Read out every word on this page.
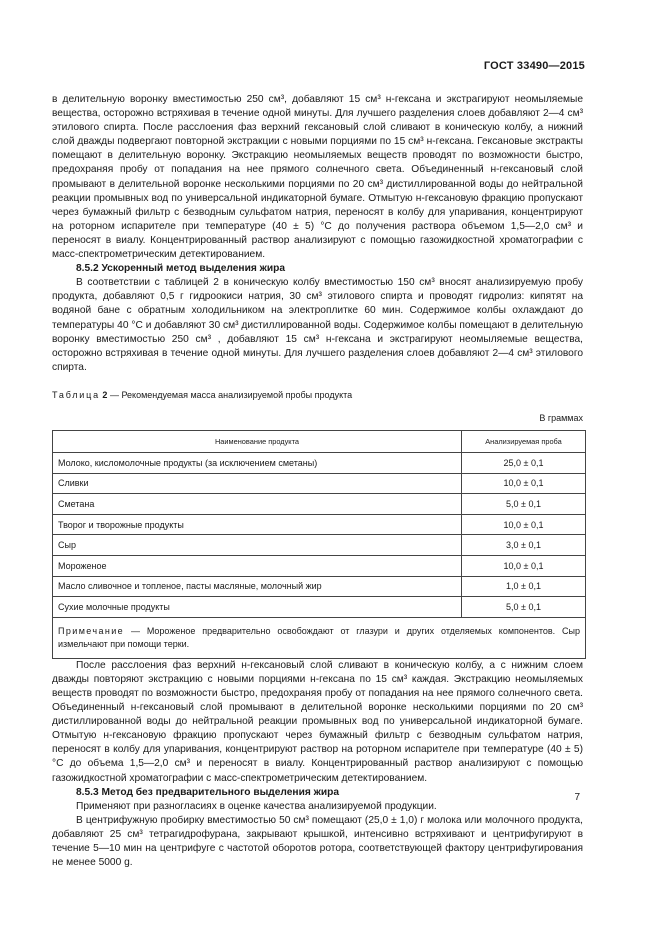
ГОСТ 33490—2015

в делительную воронку вместимостью 250 см³, добавляют 15 см³ н-гексана и экстрагируют неомыляемые вещества, осторожно встряхивая в течение одной минуты. Для лучшего разделения слоев добавляют 2—4 см³ этилового спирта. После расслоения фаз верхний гексановый слой сливают в коническую колбу, а нижний слой дважды подвергают повторной экстракции с новыми порциями по 15 см³ н-гексана. Гексановые экстракты помещают в делительную воронку. Экстракцию неомыляемых веществ проводят по возможности быстро, предохраняя пробу от попадания на нее прямого солнечного света. Объединенный н-гексановый слой промывают в делительной воронке несколькими порциями по 20 см³ дистиллированной воды до нейтральной реакции промывных вод по универсальной индикаторной бумаге. Отмытую н-гексановую фракцию пропускают через бумажный фильтр с безводным сульфатом натрия, переносят в колбу для упаривания, концентрируют на роторном испарителе при температуре (40 ± 5) °С до получения раствора объемом 1,5—2,0 см³ и переносят в виалу. Концентрированный раствор анализируют с помощью газожидкостной хроматографии с масс-спектрометрическим детектированием.

8.5.2 Ускоренный метод выделения жира

В соответствии с таблицей 2 в коническую колбу вместимостью 150 см³ вносят анализируемую пробу продукта, добавляют 0,5 г гидроокиси натрия, 30 см³ этилового спирта и проводят гидролиз: кипятят на водяной бане с обратным холодильником на электроплитке 60 мин. Содержимое колбы охлаждают до температуры 40 °С и добавляют 30 см³ дистиллированной воды. Содержимое колбы помещают в делительную воронку вместимостью 250 см³ , добавляют 15 см³ н-гексана и экстрагируют неомыляемые вещества, осторожно встряхивая в течение одной минуты. Для лучшего разделения слоев добавляют 2—4 см³ этилового спирта.

Таблица 2 — Рекомендуемая масса анализируемой пробы продукта
В граммах
Наименование продукта	Анализируемая проба
Молоко, кисломолочные продукты (за исключением сметаны)	25,0 ± 0,1
Сливки	10,0 ± 0,1
Сметана	5,0 ± 0,1
Творог и творожные продукты	10,0 ± 0,1
Сыр	3,0 ± 0,1
Мороженое	10,0 ± 0,1
Масло сливочное и топленое, пасты масляные, молочный жир	1,0 ± 0,1
Сухие молочные продукты	5,0 ± 0,1
Примечание — Мороженое предварительно освобождают от глазури и других отделяемых компонентов. Сыр измельчают при помощи терки.	

После расслоения фаз верхний н-гексановый слой сливают в коническую колбу, а с нижним слоем дважды повторяют экстракцию с новыми порциями н-гексана по 15 см³ каждая. Экстракцию неомыляемых веществ проводят по возможности быстро, предохраняя пробу от попадания на нее прямого солнечного света. Объединенный н-гексановый слой промывают в делительной воронке несколькими порциями по 20 см³ дистиллированной воды до нейтральной реакции промывных вод по универсальной индикаторной бумаге. Отмытую н-гексановую фракцию пропускают через бумажный фильтр с безводным сульфатом натрия, переносят в колбу для упаривания, концентрируют раствор на роторном испарителе при температуре (40 ± 5) °С до объема 1,5—2,0 см³ и переносят в виалу. Концентрированный раствор анализируют с помощью газожидкостной хроматографии с масс-спектрометрическим детектированием.

8.5.3 Метод без предварительного выделения жира

Применяют при разногласиях в оценке качества анализируемой продукции.

В центрифужную пробирку вместимостью 50 см³ помещают (25,0 ± 1,0) г молока или молочного продукта, добавляют 25 см³ тетрагидрофурана, закрывают крышкой, интенсивно встряхивают и центрифугируют в течение 5—10 мин на центрифуге с частотой оборотов ротора, соответствующей фактору центрифугирования не менее 5000 g.

7
